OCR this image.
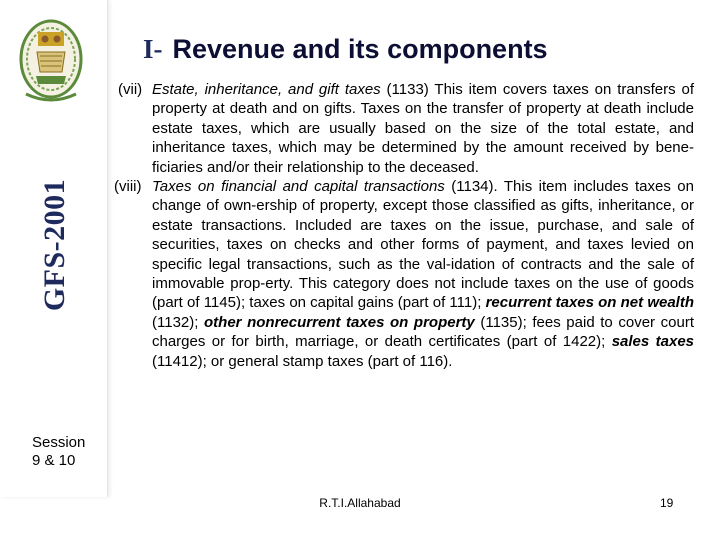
GFS-2001
Session
9 & 10
I- Revenue and its components
(vii) Estate, inheritance, and gift taxes (1133) This item covers taxes on transfers of property at death and on gifts. Taxes on the transfer of property at death include estate taxes, which are usually based on the size of the total estate, and inheritance taxes, which may be determined by the amount received by bene-ficiaries and/or their relationship to the deceased.
(viii) Taxes on financial and capital transactions (1134). This item includes taxes on change of own-ership of property, except those classified as gifts, inheritance, or estate transactions. Included are taxes on the issue, purchase, and sale of securities, taxes on checks and other forms of payment, and taxes levied on specific legal transactions, such as the val-idation of contracts and the sale of immovable prop-erty. This category does not include taxes on the use of goods (part of 1145); taxes on capital gains (part of 111); recurrent taxes on net wealth (1132); other nonrecurrent taxes on property (1135); fees paid to cover court charges or for birth, marriage, or death certificates (part of 1422); sales taxes (11412); or general stamp taxes (part of 116).
R.T.I.Allahabad	19
